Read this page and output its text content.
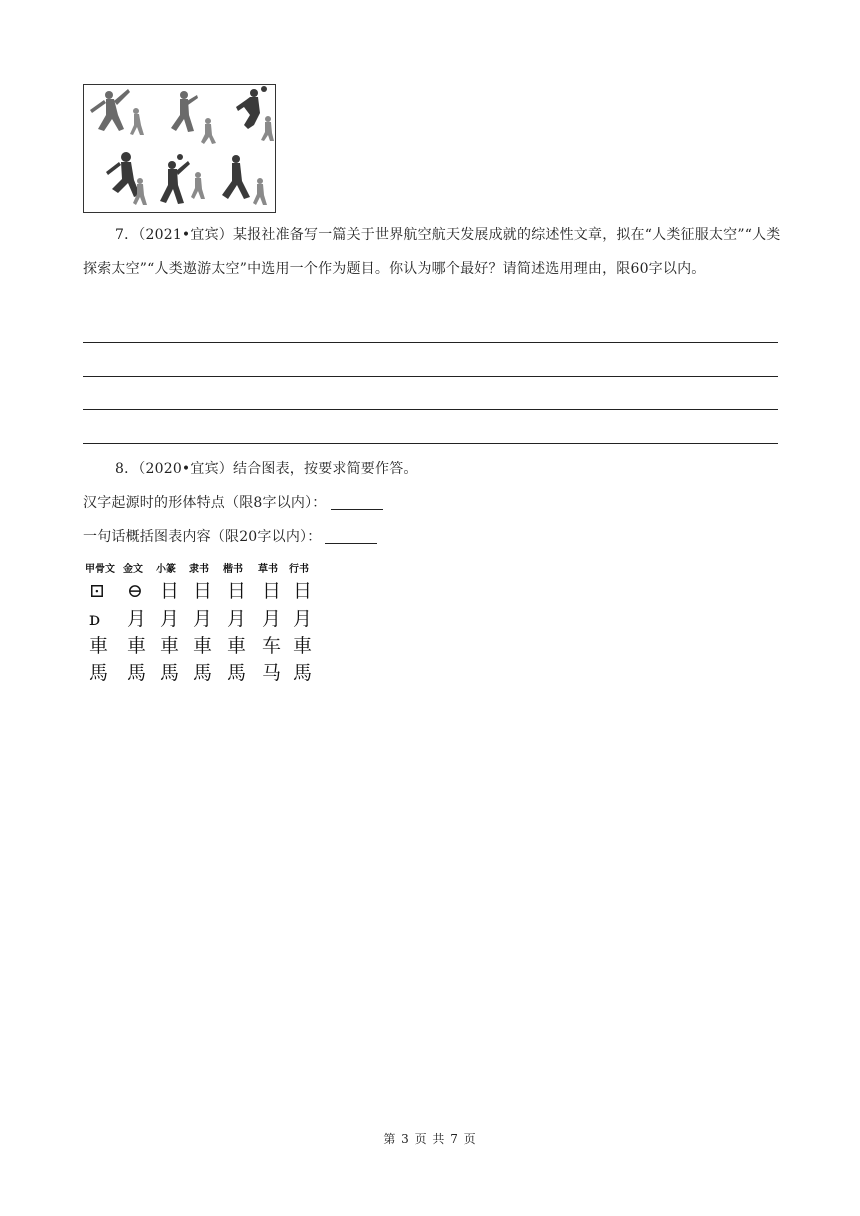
7．（2021•宜宾）某报社准备写一篇关于世界航空航天发展成就的综述性文章，拟在“人类征服太空”“人类探索太空”“人类遨游太空”中选用一个作为题目。你认为哪个最好？请简述选用理由，限60字以内。

8．（2020•宜宾）结合图表，按要求简要作答。
汉字起源时的形体特点（限8字以内）：
一句话概括图表内容（限20字以内）：
甲骨文 金文 小篆 隶书 楷书 草书 行书
⊡ ⊖ 日 日 日 日 日
ᴅ 月 月 月 月 月 月
車 車 車 車 車 车 車
馬 馬 馬 馬 馬 马 馬
第 3 页 共 7 页
